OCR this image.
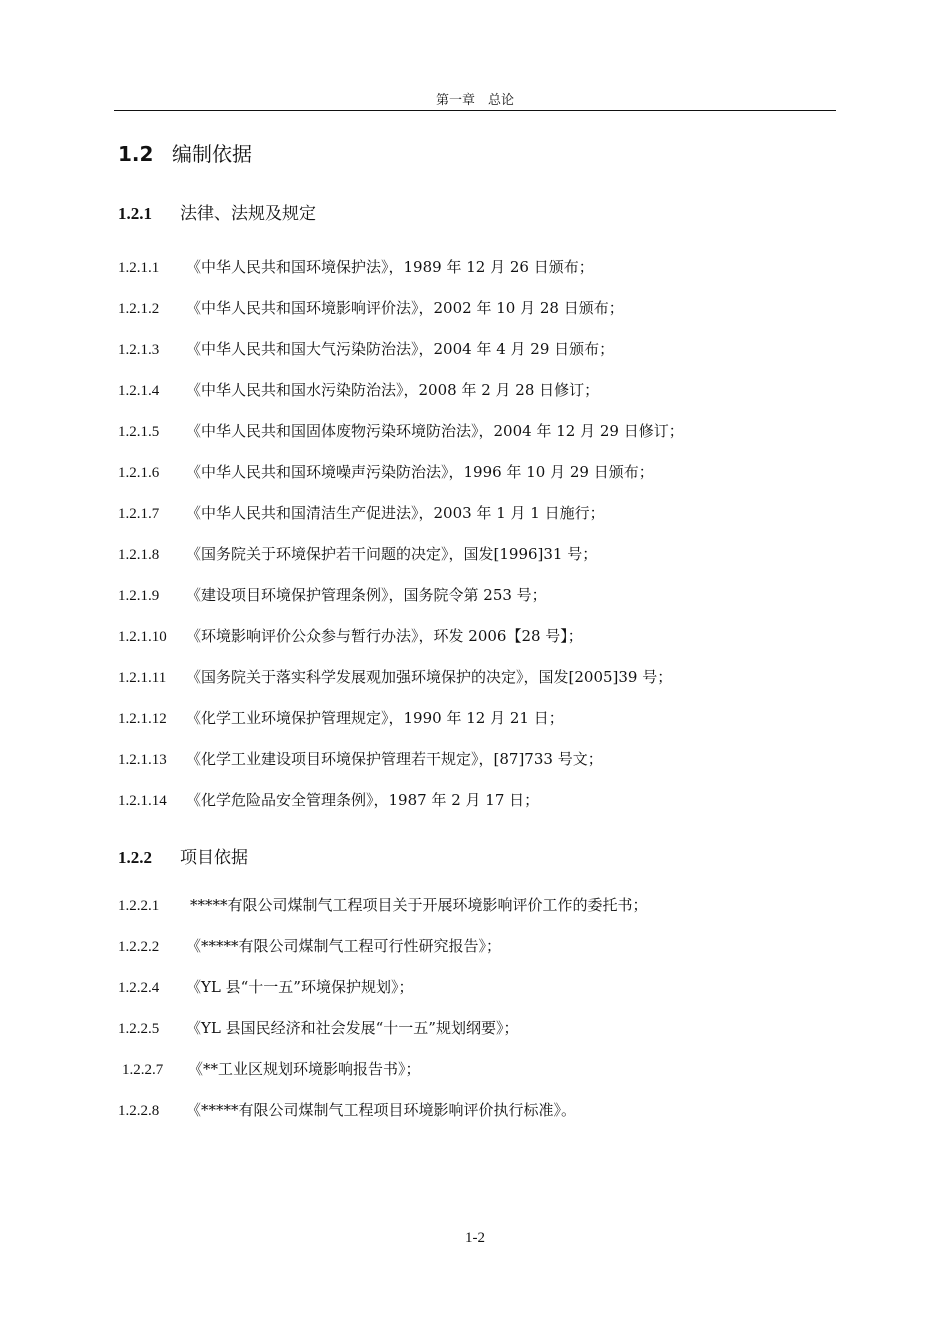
第一章　总论
1.2 编制依据
1.2.1 法律、法规及规定
1.2.1.1 《中华人民共和国环境保护法》，1989 年 12 月 26 日颁布；
1.2.1.2 《中华人民共和国环境影响评价法》，2002 年 10 月 28 日颁布；
1.2.1.3 《中华人民共和国大气污染防治法》，2004 年 4 月 29 日颁布；
1.2.1.4 《中华人民共和国水污染防治法》，2008 年 2 月 28 日修订；
1.2.1.5 《中华人民共和国固体废物污染环境防治法》，2004 年 12 月 29 日修订；
1.2.1.6 《中华人民共和国环境噪声污染防治法》，1996 年 10 月 29 日颁布；
1.2.1.7 《中华人民共和国清洁生产促进法》，2003 年 1 月 1 日施行；
1.2.1.8 《国务院关于环境保护若干问题的决定》，国发[1996]31 号；
1.2.1.9 《建设项目环境保护管理条例》，国务院令第 253 号；
1.2.1.10 《环境影响评价公众参与暂行办法》，环发 2006【28 号】；
1.2.1.11 《国务院关于落实科学发展观加强环境保护的决定》，国发[2005]39 号；
1.2.1.12 《化学工业环境保护管理规定》，1990 年 12 月 21 日；
1.2.1.13 《化学工业建设项目环境保护管理若干规定》，[87]733 号文；
1.2.1.14 《化学危险品安全管理条例》，1987 年 2 月 17 日；
1.2.2 项目依据
1.2.2.1 *****有限公司煤制气工程项目关于开展环境影响评价工作的委托书；
1.2.2.2 《*****有限公司煤制气工程可行性研究报告》；
1.2.2.4 《YL 县“十一五”环境保护规划》；
1.2.2.5 《YL 县国民经济和社会发展“十一五”规划纲要》；
1.2.2.7 《**工业区规划环境影响报告书》；
1.2.2.8 《*****有限公司煤制气工程项目环境影响评价执行标准》。
1-2
